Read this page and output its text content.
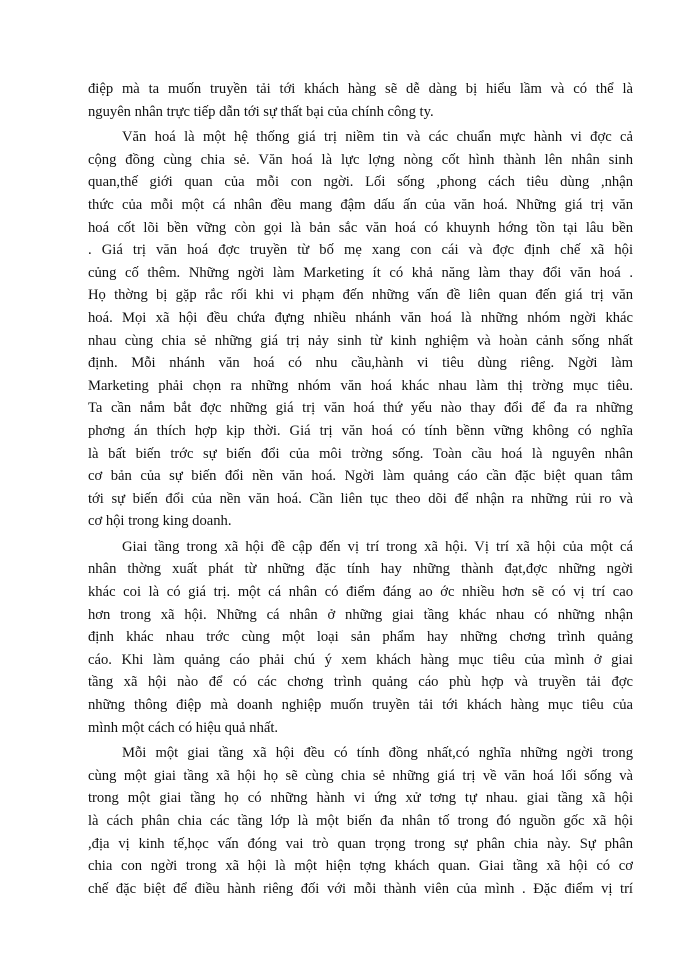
điệp mà ta muốn truyền tải tới khách hàng sẽ dễ dàng bị hiểu lầm và có thể là
nguyên nhân trực tiếp dẫn tới sự thất bại của chính công ty.
Văn hoá là một hệ thống giá trị niềm tin và các chuẩn mực hành vi đợc cả
cộng đồng cùng chia sẻ. Văn hoá là lực lợng nòng cốt hình thành lên nhân sinh
quan,thế giới quan của mỗi con ngời. Lối sống ,phong cách tiêu dùng ,nhận
thức của mỗi một cá nhân đều mang đậm dấu ấn của văn hoá. Những giá trị văn
hoá cốt lõi bền vững còn gọi là bản sắc văn hoá có khuynh hớng tồn tại lâu bền
. Giá trị văn hoá đợc truyền từ bố mẹ xang con cái và đợc định chế xã hội
củng cố thêm. Những ngời làm Marketing ít có khả năng làm thay đổi văn hoá .
Họ thờng bị gặp rắc rối khi vi phạm đến những vấn đề liên quan đến giá trị văn
hoá. Mọi xã hội đều chứa đựng nhiều nhánh văn hoá là những nhóm ngời khác
nhau cùng chia sẻ những giá trị nảy sinh từ kinh nghiệm và hoàn cảnh sống nhất
định. Mỗi nhánh văn hoá có nhu cầu,hành vi tiêu dùng riêng. Ngời làm
Marketing phải chọn ra những nhóm văn hoá khác nhau làm thị trờng mục tiêu.
Ta cần nắm bắt đợc những giá trị văn hoá thứ yếu nào thay đổi để đa ra những
phơng án thích hợp kịp thời. Giá trị văn hoá có tính bềnn vững không có nghĩa
là bất biến trớc sự biến đổi của môi trờng sống. Toàn cầu hoá là nguyên nhân
cơ bản của sự biến đổi nền văn hoá. Ngời làm quảng cáo cần đặc biệt quan tâm
tới sự biến đổi của nền văn hoá. Cần liên tục theo dõi để nhận ra những rủi ro và
cơ hội trong king doanh.
Giai tầng trong xã hội đề cập đến vị trí trong xã hội. Vị trí xã hội của một cá
nhân thờng xuất phát từ những đặc tính hay những thành đạt,đợc những ngời
khác coi là có giá trị. một cá nhân có điểm đáng ao ớc nhiều hơn sẽ có vị trí cao
hơn trong xã hội. Những cá nhân ở những giai tầng khác nhau có những nhận
định khác nhau trớc cùng một loại sản phẩm hay những chơng trình quảng
cáo. Khi làm quảng cáo phải chú ý xem khách hàng mục tiêu của mình ở giai
tầng xã hội nào để có các chơng trình quảng cáo phù hợp và truyền tải đợc
những thông điệp mà doanh nghiệp muốn truyền tải tới khách hàng mục tiêu của
mình một cách có hiệu quả nhất.
Mỗi một giai tầng xã hội đều có tính đồng nhất,có nghĩa những ngời trong
cùng một giai tầng xã hội họ sẽ cùng chia sẻ những giá trị về văn hoá lối sống và
trong một giai tầng họ có những hành vi ứng xử tơng tự nhau. giai tầng xã hội
là cách phân chia các tầng lớp là một biến đa nhân tố trong đó nguồn gốc xã hội
,địa vị kinh tế,học vấn đóng vai trò quan trọng trong sự phân chia này. Sự phân
chia con ngời trong xã hội là một hiện tợng khách quan. Giai tầng xã hội có cơ
chế đặc biệt để điều hành riêng đối với mỗi thành viên của mình . Đặc điểm vị trí
